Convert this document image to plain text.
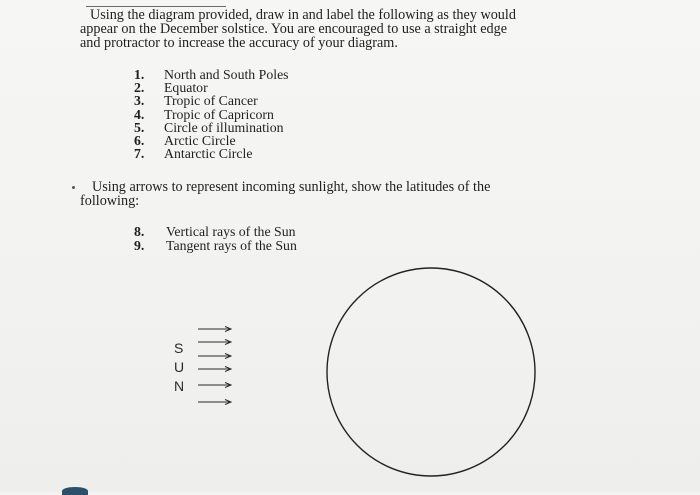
Using the diagram provided, draw in and label the following as they would
appear on the December solstice. You are encouraged to use a straight edge
and protractor to increase the accuracy of your diagram.
1.	North and South Poles
2.	Equator
3.	Tropic of Cancer
4.	Tropic of Capricorn
5.	Circle of illumination
6.	Arctic Circle
7.	Antarctic Circle
Using arrows to represent incoming sunlight, show the latitudes of the
following:
8.	Vertical rays of the Sun
9.	Tangent rays of the Sun
S
U
N
